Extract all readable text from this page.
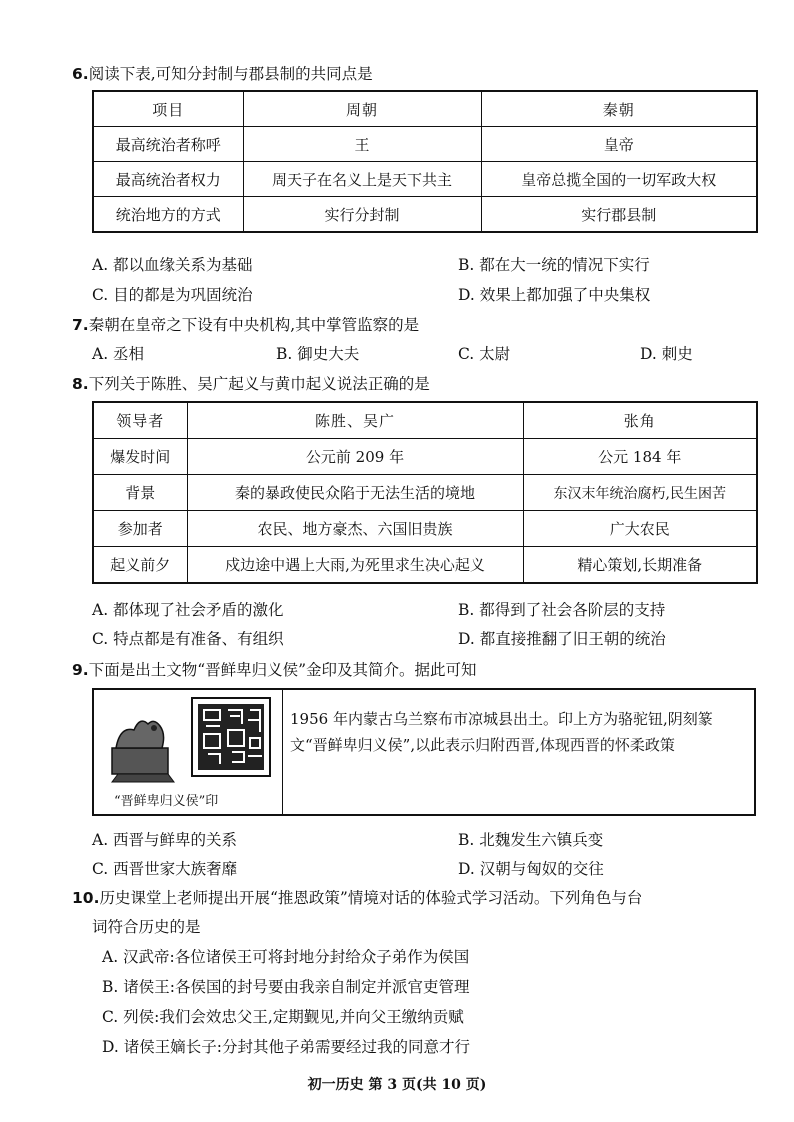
6.阅读下表,可知分封制与郡县制的共同点是
项目	周朝	秦朝
最高统治者称呼	王	皇帝
最高统治者权力	周天子在名义上是天下共主	皇帝总揽全国的一切军政大权
统治地方的方式	实行分封制	实行郡县制
A. 都以血缘关系为基础	B. 都在大一统的情况下实行
C. 目的都是为巩固统治	D. 效果上都加强了中央集权
7.秦朝在皇帝之下设有中央机构,其中掌管监察的是
A. 丞相	B. 御史大夫	C. 太尉	D. 刺史
8.下列关于陈胜、吴广起义与黄巾起义说法正确的是
领导者	陈胜、吴广	张角
爆发时间	公元前 209 年	公元 184 年
背景	秦的暴政使民众陷于无法生活的境地	东汉末年统治腐朽,民生困苦
参加者	农民、地方豪杰、六国旧贵族	广大农民
起义前夕	戍边途中遇上大雨,为死里求生决心起义	精心策划,长期准备
A. 都体现了社会矛盾的激化	B. 都得到了社会各阶层的支持
C. 特点都是有准备、有组织	D. 都直接推翻了旧王朝的统治
9.下面是出土文物“晋鲜卑归义侯”金印及其简介。据此可知
“晋鲜卑归义侯”印
1956 年内蒙古乌兰察布市凉城县出土。印上方为骆驼钮,阴刻篆文“晋鲜卑归义侯”,以此表示归附西晋,体现西晋的怀柔政策
A. 西晋与鲜卑的关系	B. 北魏发生六镇兵变
C. 西晋世家大族奢靡	D. 汉朝与匈奴的交往
10.历史课堂上老师提出开展“推恩政策”情境对话的体验式学习活动。下列角色与台
词符合历史的是
A. 汉武帝:各位诸侯王可将封地分封给众子弟作为侯国
B. 诸侯王:各侯国的封号要由我亲自制定并派官吏管理
C. 列侯:我们会效忠父王,定期觐见,并向父王缴纳贡赋
D. 诸侯王嫡长子:分封其他子弟需要经过我的同意才行
初一历史 第 3 页(共 10 页)
